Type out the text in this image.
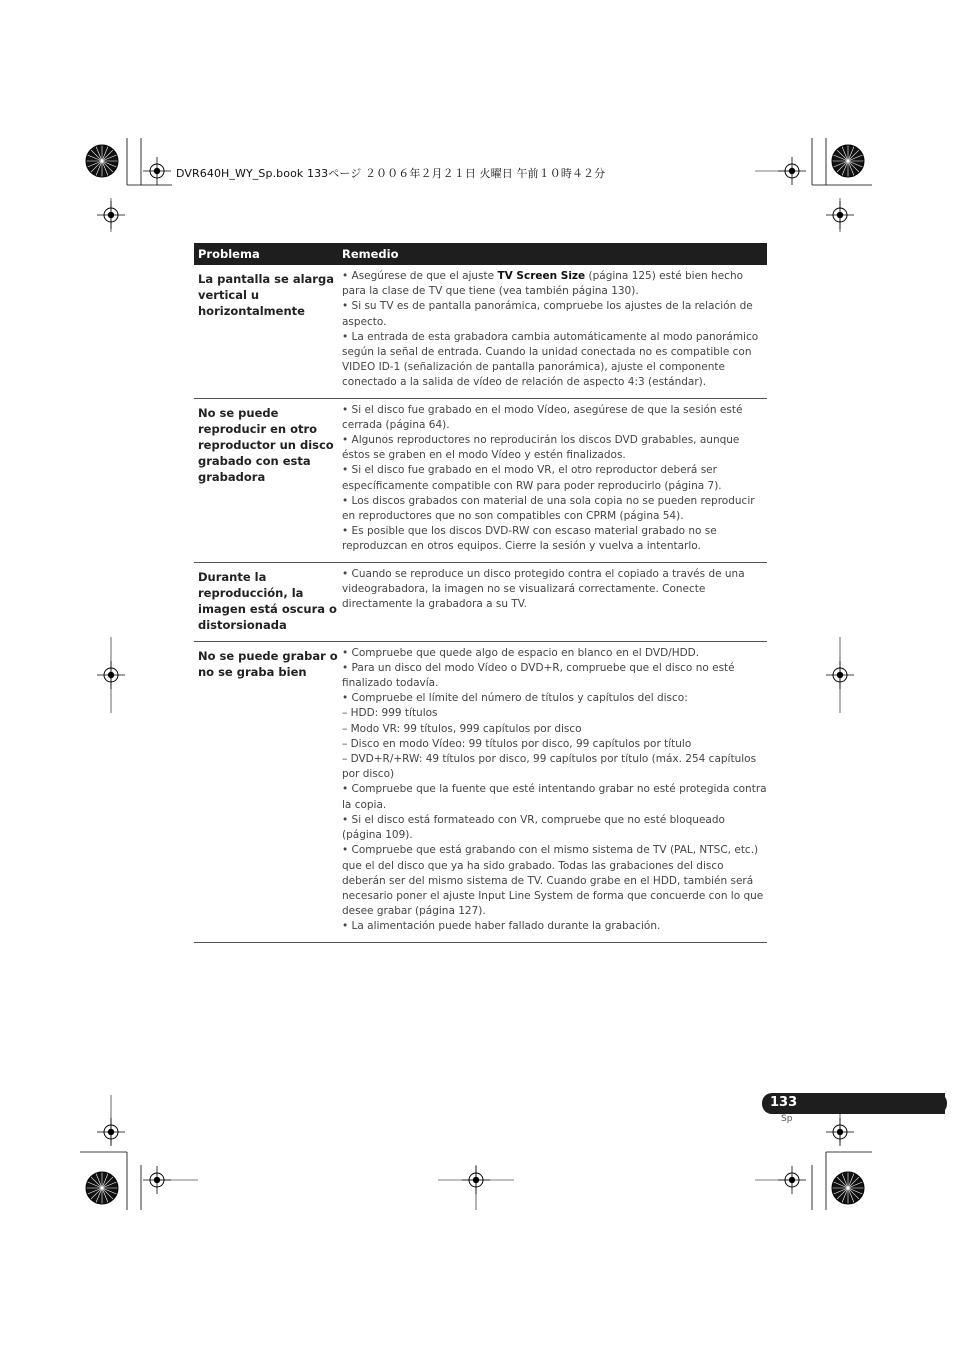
DVR640H_WY_Sp.book 133ページ ２００６年２月２１日 火曜日 午前１０時４２分
Problema	Remedio
La pantalla se alarga vertical u horizontalmente

• Asegúrese de que el ajuste TV Screen Size (página 125) esté bien hecho para la clase de TV que tiene (vea también página 130).

• Si su TV es de pantalla panorámica, compruebe los ajustes de la relación de aspecto.

• La entrada de esta grabadora cambia automáticamente al modo panorámico según la señal de entrada. Cuando la unidad conectada no es compatible con VIDEO ID-1 (señalización de pantalla panorámica), ajuste el componente conectado a la salida de vídeo de relación de aspecto 4:3 (estándar).

No se puede reproducir en otro reproductor un disco grabado con esta grabadora

• Si el disco fue grabado en el modo Vídeo, asegúrese de que la sesión esté cerrada (página 64).

• Algunos reproductores no reproducirán los discos DVD grabables, aunque éstos se graben en el modo Vídeo y estén finalizados.

• Si el disco fue grabado en el modo VR, el otro reproductor deberá ser específicamente compatible con RW para poder reproducirlo (página 7).

• Los discos grabados con material de una sola copia no se pueden reproducir en reproductores que no son compatibles con CPRM (página 54).

• Es posible que los discos DVD-RW con escaso material grabado no se reproduzcan en otros equipos. Cierre la sesión y vuelva a intentarlo.

Durante la reproducción, la imagen está oscura o distorsionada

• Cuando se reproduce un disco protegido contra el copiado a través de una videograbadora, la imagen no se visualizará correctamente. Conecte directamente la grabadora a su TV.

No se puede grabar o no se graba bien

• Compruebe que quede algo de espacio en blanco en el DVD/HDD.

• Para un disco del modo Vídeo o DVD+R, compruebe que el disco no esté finalizado todavía.

• Compruebe el límite del número de títulos y capítulos del disco:

– HDD: 999 títulos

– Modo VR: 99 títulos, 999 capítulos por disco

– Disco en modo Vídeo: 99 títulos por disco, 99 capítulos por título

– DVD+R/+RW: 49 títulos por disco, 99 capítulos por título (máx. 254 capítulos por disco)

• Compruebe que la fuente que esté intentando grabar no esté protegida contra la copia.

• Si el disco está formateado con VR, compruebe que no esté bloqueado (página 109).

• Compruebe que está grabando con el mismo sistema de TV (PAL, NTSC, etc.) que el del disco que ya ha sido grabado. Todas las grabaciones del disco deberán ser del mismo sistema de TV. Cuando grabe en el HDD, también será necesario poner el ajuste Input Line System de forma que concuerde con lo que desee grabar (página 127).

• La alimentación puede haber fallado durante la grabación.

133
Sp
